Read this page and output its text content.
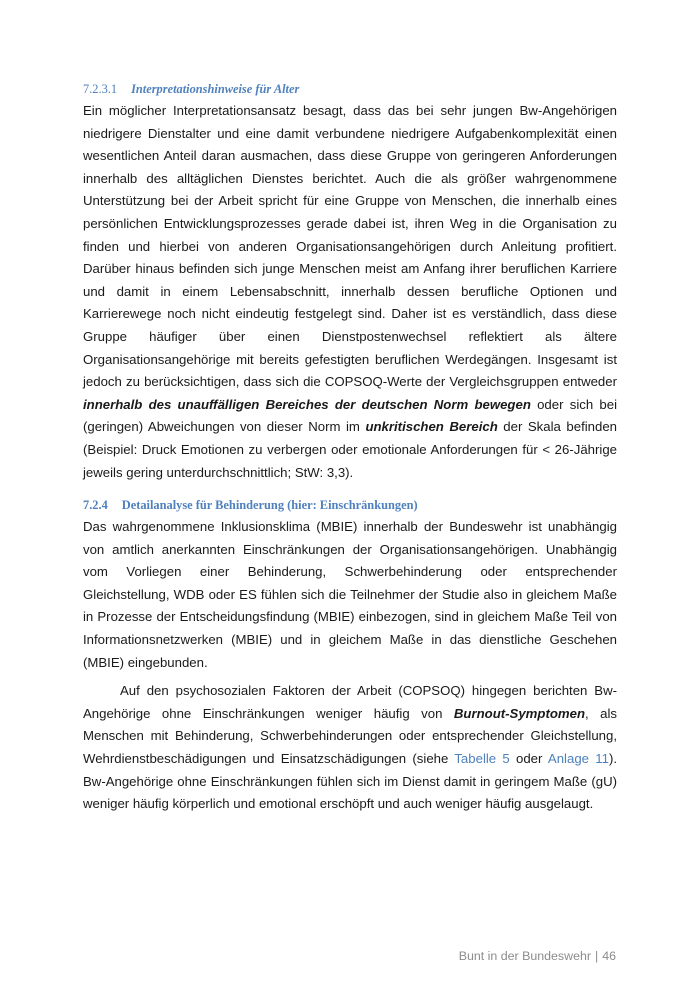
7.2.3.1 Interpretationshinweise für Alter

Ein möglicher Interpretationsansatz besagt, dass das bei sehr jungen Bw-Angehörigen niedrigere Dienstalter und eine damit verbundene niedrigere Aufgabenkomplexität einen wesentlichen Anteil daran ausmachen, dass diese Gruppe von geringeren Anforderungen innerhalb des alltäglichen Dienstes berichtet. Auch die als größer wahrgenommene Unterstützung bei der Arbeit spricht für eine Gruppe von Menschen, die innerhalb eines persönlichen Entwicklungsprozesses gerade dabei ist, ihren Weg in die Organisation zu finden und hierbei von anderen Organisationsangehörigen durch Anleitung profitiert. Darüber hinaus befinden sich junge Menschen meist am Anfang ihrer beruflichen Karriere und damit in einem Lebensabschnitt, innerhalb dessen berufliche Optionen und Karrierewege noch nicht eindeutig festgelegt sind. Daher ist es verständlich, dass diese Gruppe häufiger über einen Dienstpostenwechsel reflektiert als ältere Organisationsangehörige mit bereits gefestigten beruflichen Werdegängen. Insgesamt ist jedoch zu berücksichtigen, dass sich die COPSOQ-Werte der Vergleichsgruppen entweder innerhalb des unauffälligen Bereiches der deutschen Norm bewegen oder sich bei (geringen) Abweichungen von dieser Norm im unkritischen Bereich der Skala befinden (Beispiel: Druck Emotionen zu verbergen oder emotionale Anforderungen für < 26-Jährige jeweils gering unterdurchschnittlich; StW: 3,3).

7.2.4 Detailanalyse für Behinderung (hier: Einschränkungen)

Das wahrgenommene Inklusionsklima (MBIE) innerhalb der Bundeswehr ist unabhängig von amtlich anerkannten Einschränkungen der Organisationsangehörigen. Unabhängig vom Vorliegen einer Behinderung, Schwerbehinderung oder entsprechender Gleichstellung, WDB oder ES fühlen sich die Teilnehmer der Studie also in gleichem Maße in Prozesse der Entscheidungsfindung (MBIE) einbezogen, sind in gleichem Maße Teil von Informationsnetzwerken (MBIE) und in gleichem Maße in das dienstliche Geschehen (MBIE) eingebunden.

Auf den psychosozialen Faktoren der Arbeit (COPSOQ) hingegen berichten Bw-Angehörige ohne Einschränkungen weniger häufig von Burnout-Symptomen, als Menschen mit Behinderung, Schwerbehinderungen oder entsprechender Gleichstellung, Wehrdienstbeschädigungen und Einsatzschädigungen (siehe Tabelle 5 oder Anlage 11). Bw-Angehörige ohne Einschränkungen fühlen sich im Dienst damit in geringem Maße (gU) weniger häufig körperlich und emotional erschöpft und auch weniger häufig ausgelaugt.

Bunt in der Bundeswehr | 46
